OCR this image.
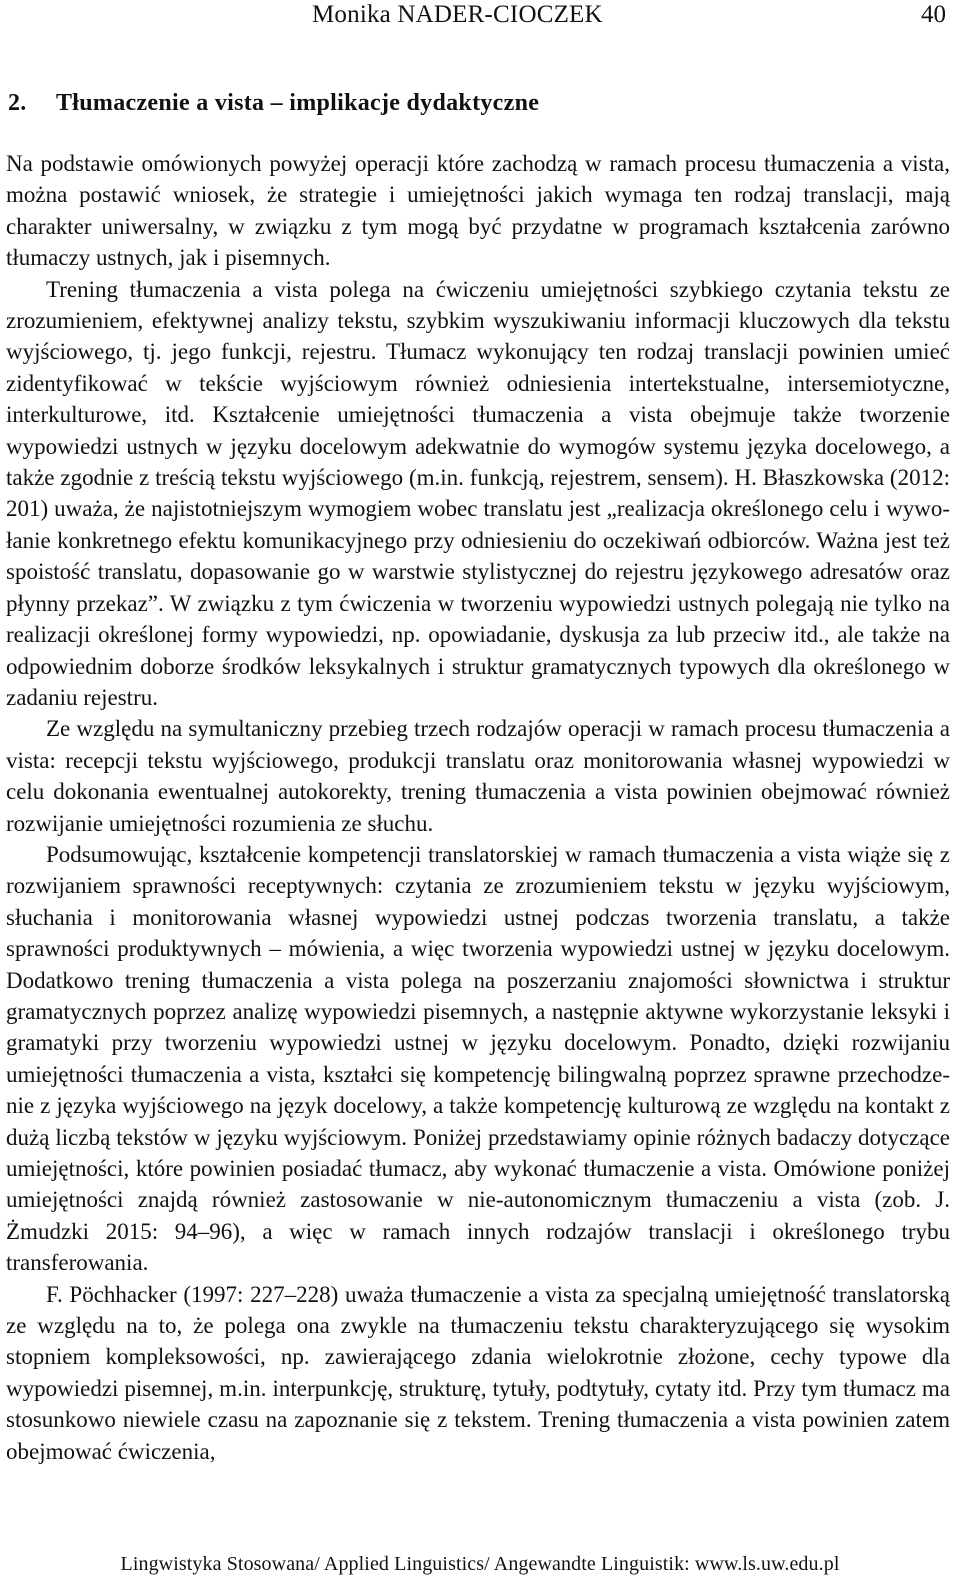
Monika NADER-CIOCZEK	40
2. Tłumaczenie a vista – implikacje dydaktyczne

Na podstawie omówionych powyżej operacji które zachodzą w ramach procesu tłumaczenia a vista, można postawić wniosek, że strategie i umiejętności jakich wymaga ten rodzaj translacji, mają charakter uniwersalny, w związku z tym mogą być przydatne w programach kształcenia zarówno tłumaczy ustnych, jak i pisemnych.

Trening tłumaczenia a vista polega na ćwiczeniu umiejętności szybkiego czytania tekstu ze zrozumieniem, efektywnej analizy tekstu, szybkim wyszukiwaniu informacji kluczowych dla tekstu wyjściowego, tj. jego funkcji, rejestru. Tłumacz wykonujący ten rodzaj translacji powinien umieć zidentyfikować w tekście wyjściowym również odniesienia intertekstualne, intersemiotyczne, interkulturowe, itd. Kształcenie umiejętności tłumaczenia a vista obejmuje także tworzenie wypowiedzi ustnych w języku docelowym adekwatnie do wymogów systemu języka docelowego, a także zgodnie z treścią tekstu wyjściowego (m.in. funkcją, rejestrem, sensem). H. Błaszkowska (2012: 201) uważa, że najistotniejszym wymogiem wobec translatu jest „realizacja określonego celu i wywołanie konkretnego efektu komunikacyjnego przy odniesieniu do oczekiwań odbiorców. Ważna jest też spoistość translatu, dopasowanie go w warstwie stylistycznej do rejestru językowego adresatów oraz płynny przekaz”. W związku z tym ćwiczenia w tworzeniu wypowiedzi ustnych polegają nie tylko na realizacji określonej formy wypowiedzi, np. opowiadanie, dyskusja za lub przeciw itd., ale także na odpowiednim doborze środków leksykalnych i struktur gramatycznych typowych dla określonego w zadaniu rejestru.

Ze względu na symultaniczny przebieg trzech rodzajów operacji w ramach procesu tłumaczenia a vista: recepcji tekstu wyjściowego, produkcji translatu oraz monitorowania własnej wypowiedzi w celu dokonania ewentualnej autokorekty, trening tłumaczenia a vista powinien obejmować również rozwijanie umiejętności rozumienia ze słuchu.

Podsumowując, kształcenie kompetencji translatorskiej w ramach tłumaczenia a vista wiąże się z rozwijaniem sprawności receptywnych: czytania ze zrozumieniem tekstu w języku wyjściowym, słuchania i monitorowania własnej wypowiedzi ustnej podczas tworzenia translatu, a także sprawności produktywnych – mówienia, a więc tworzenia wypowiedzi ustnej w języku docelowym. Dodatkowo trening tłumaczenia a vista polega na poszerzaniu znajomości słownictwa i struktur gramatycznych poprzez analizę wypowiedzi pisemnych, a następnie aktywne wykorzystanie leksyki i gramatyki przy tworzeniu wypowiedzi ustnej w języku docelowym. Ponadto, dzięki rozwijaniu umiejętności tłumaczenia a vista, kształci się kompetencję bilingwalną poprzez sprawne przechodzenie z języka wyjściowego na język docelowy, a także kompetencję kulturową ze względu na kontakt z dużą liczbą tekstów w języku wyjściowym. Poniżej przedstawiamy opinie różnych badaczy dotyczące umiejętności, które powinien posiadać tłumacz, aby wykonać tłumaczenie a vista. Omówione poniżej umiejętności znajdą również zastosowanie w nie-autonomicznym tłumaczeniu a vista (zob. J. Żmudzki 2015: 94–96), a więc w ramach innych rodzajów translacji i określonego trybu transferowania.

F. Pöchhacker (1997: 227–228) uważa tłumaczenie a vista za specjalną umiejętność translatorską ze względu na to, że polega ona zwykle na tłumaczeniu tekstu charakteryzującego się wysokim stopniem kompleksowości, np. zawierającego zdania wielokrotnie złożone, cechy typowe dla wypowiedzi pisemnej, m.in. interpunkcję, strukturę, tytuły, podtytuły, cytaty itd. Przy tym tłumacz ma stosunkowo niewiele czasu na zapoznanie się z tekstem. Trening tłumaczenia a vista powinien zatem obejmować ćwiczenia,

Lingwistyka Stosowana/ Applied Linguistics/ Angewandte Linguistik: www.ls.uw.edu.pl
